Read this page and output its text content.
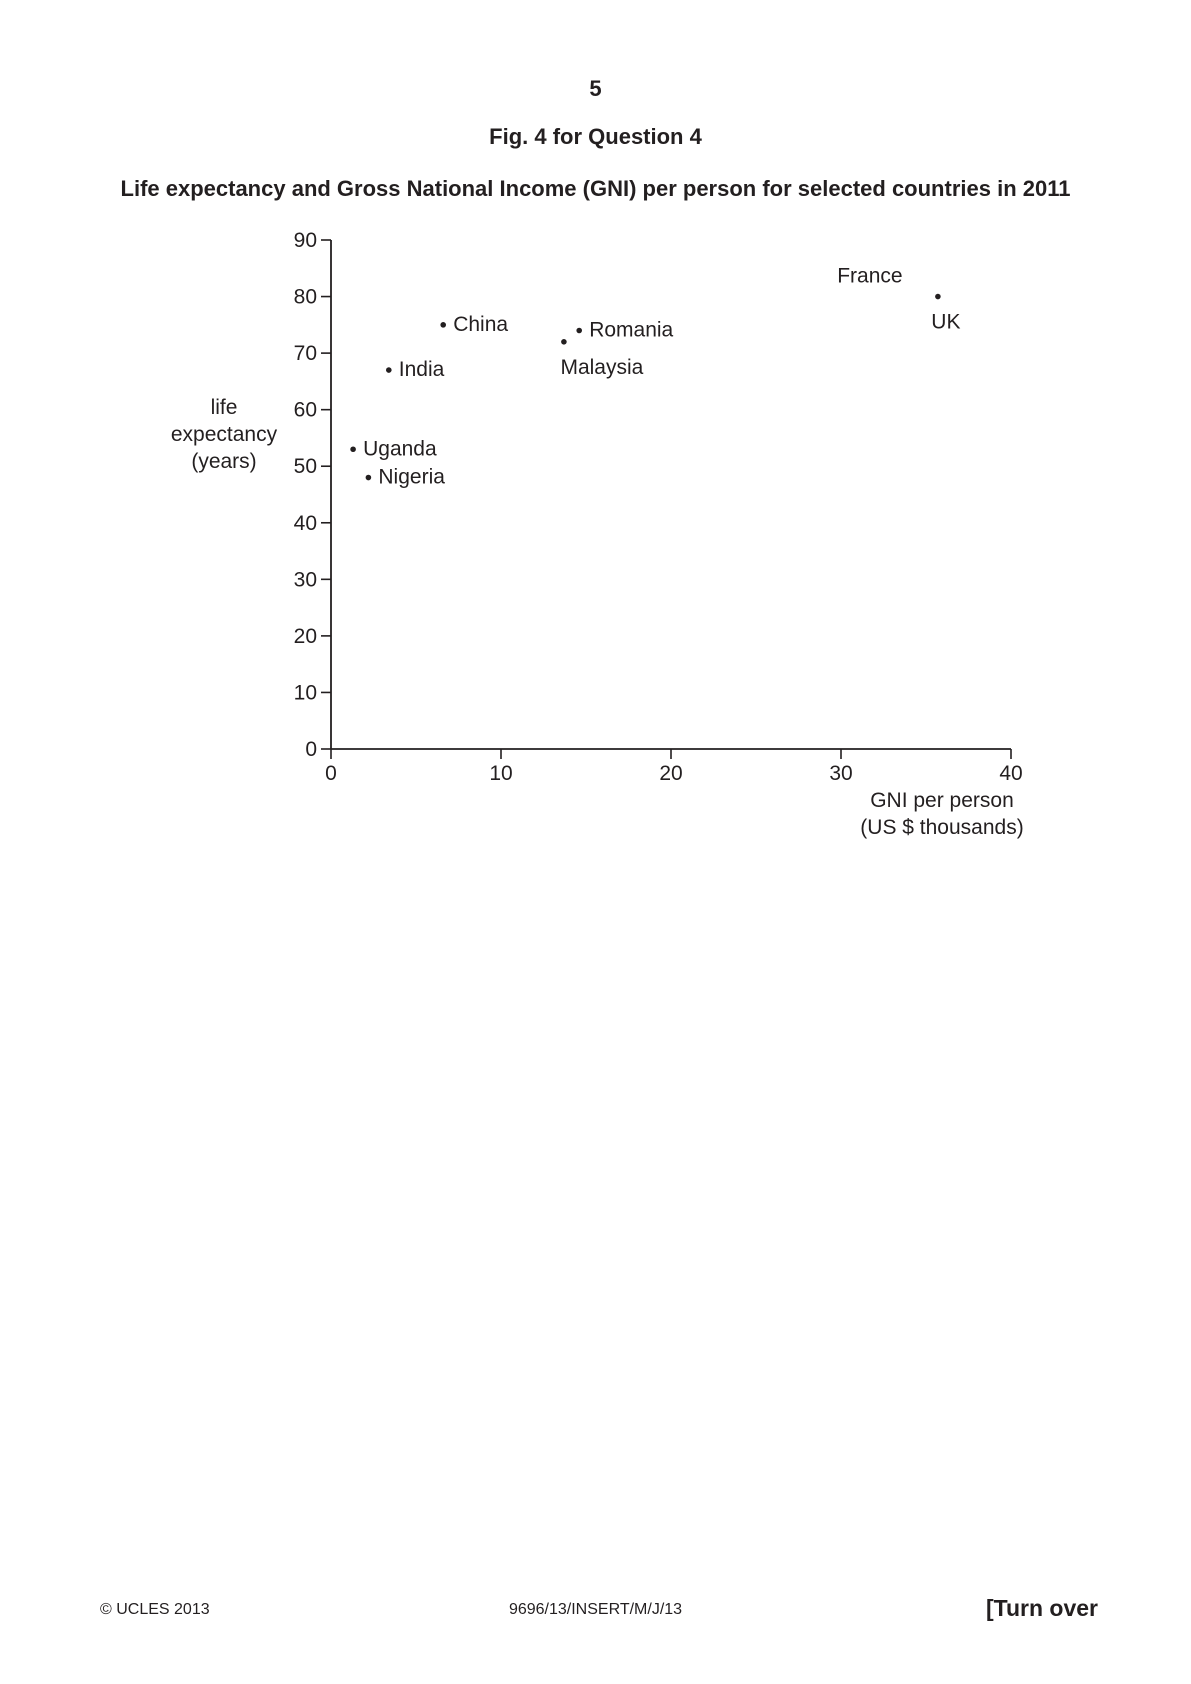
5
Fig. 4 for Question 4
Life expectancy and Gross National Income (GNI) per person for selected countries in 2011
0
10
20
30
40
50
60
70
80
90
0	10	20	30	40
life
expectancy
(years)
GNI per person
(US $ thousands)
China
India
Uganda
Nigeria
Romania
Malaysia
France
UK
© UCLES 2013	9696/13/INSERT/M/J/13	[Turn over
